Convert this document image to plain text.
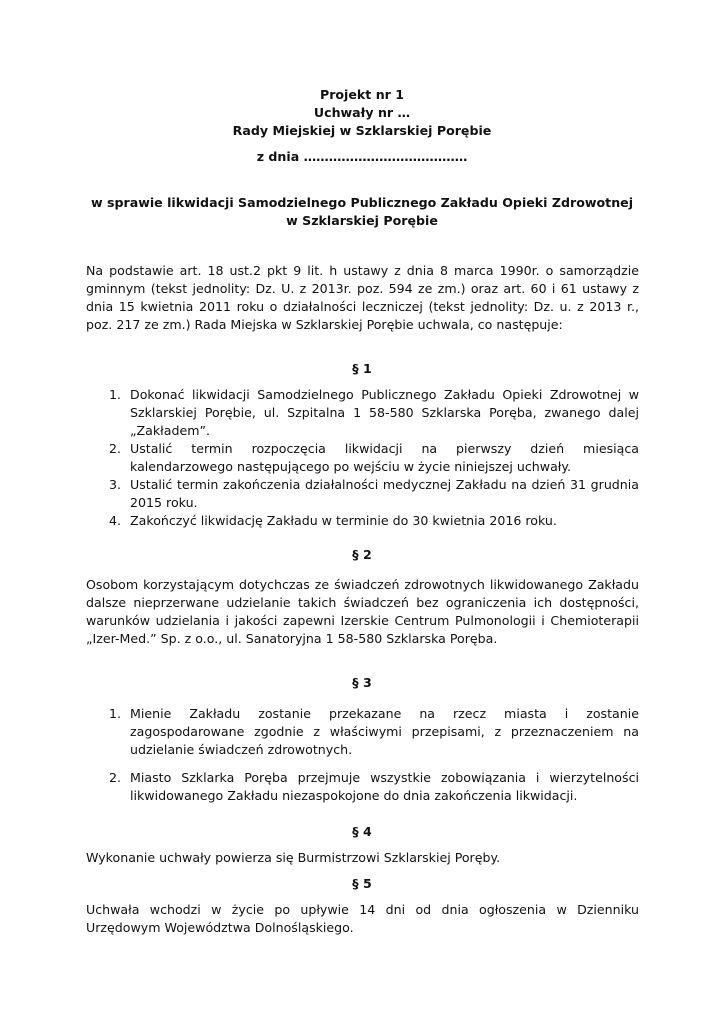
Projekt nr 1
Uchwały nr …
Rady Miejskiej w Szklarskiej Porębie
z dnia …………………………………
w sprawie likwidacji Samodzielnego Publicznego Zakładu Opieki Zdrowotnej
w Szklarskiej Porębie

Na podstawie art. 18 ust.2 pkt 9 lit. h ustawy z dnia 8 marca 1990r. o samorządzie gminnym (tekst jednolity: Dz. U. z 2013r. poz. 594 ze zm.) oraz art. 60 i 61 ustawy z dnia 15 kwietnia 2011 roku o działalności leczniczej (tekst jednolity: Dz. u. z 2013 r., poz. 217 ze zm.) Rada Miejska w Szklarskiej Porębie uchwala, co następuje:

§ 1
1. Dokonać likwidacji Samodzielnego Publicznego Zakładu Opieki Zdrowotnej w Szklarskiej Porębie, ul. Szpitalna 1 58-580 Szklarska Poręba, zwanego dalej „Zakładem”.
2. Ustalić termin rozpoczęcia likwidacji na pierwszy dzień miesiąca kalendarzowego następującego po wejściu w życie niniejszej uchwały.
3. Ustalić termin zakończenia działalności medycznej Zakładu na dzień 31 grudnia 2015 roku.
4. Zakończyć likwidację Zakładu w terminie do 30 kwietnia 2016 roku.
§ 2

Osobom korzystającym dotychczas ze świadczeń zdrowotnych likwidowanego Zakładu dalsze nieprzerwane udzielanie takich świadczeń bez ograniczenia ich dostępności, warunków udzielania i jakości zapewni Izerskie Centrum Pulmonologii i Chemioterapii „Izer-Med.” Sp. z o.o., ul. Sanatoryjna 1 58-580 Szklarska Poręba.

§ 3
1. Mienie Zakładu zostanie przekazane na rzecz miasta i zostanie zagospodarowane zgodnie z właściwymi przepisami, z przeznaczeniem na udzielanie świadczeń zdrowotnych.
2. Miasto Szklarka Poręba przejmuje wszystkie zobowiązania i wierzytelności likwidowanego Zakładu niezaspokojone do dnia zakończenia likwidacji.
§ 4

Wykonanie uchwały powierza się Burmistrzowi Szklarskiej Poręby.

§ 5

Uchwała wchodzi w życie po upływie 14 dni od dnia ogłoszenia w Dzienniku Urzędowym Województwa Dolnośląskiego.
